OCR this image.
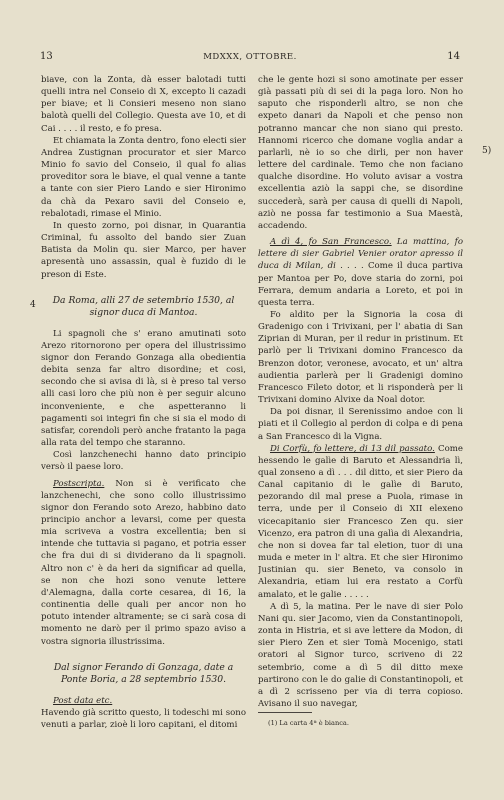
13	MDXXX, OTTOBRE.	14
4
5)

biave, con la Zonta, dà esser balotadi tutti quelli intra nel Conseio di X, excepto li cazadi per biave; et li Consieri meseno non siano balotà quelli del Collegio. Questa ave 10, et di Cai . . . . il resto, e fo presa.

Et chiamata la Zonta dentro, fono electi sier Andrea Zustignan procurator et sier Marco Minio fo savio del Conseio, il qual fo alias proveditor sora le biave, el qual venne a tante a tante con sier Piero Lando e sier Hironimo da chà da Pexaro savii del Conseio e, rebalotadi, rimase el Minio.

In questo zorno, poi disnar, in Quarantia Criminal, fu assolto del bando sier Zuan Batista da Molin qu. sier Marco, per haver apresentà uno assassin, qual è fuzido di le preson di Este.

Da Roma, alli 27 de setembrio 1530, al signor duca di Mantoa.

Li spagnoli che s' erano amutinati soto Arezo ritornorono per opera del illustrissimo signor don Ferando Gonzaga alla obedientia debita senza far altro disordine; et cosi, secondo che si avisa di là, si è preso tal verso alli casi loro che più non è per seguir alcuno inconveniente, e che aspetteranno li pagamenti soi integri fin che si sia el modo di satisfar, corendoli però anche fratanto la paga alla rata del tempo che staranno.

Così lanzchenechi hanno dato principio versò il paese loro.

Postscripta. Non si è verificato che lanzchenechi, che sono collo illustrissimo signor don Ferando soto Arezo, habbino dato principio anchor a levarsi, come per questa mia scriveva a vostra excellentia; ben si intende che tuttavia si pagano, et potria esser che fra dui di si dividerano da li spagnoli. Altro non c' è da heri da significar ad quella, se non che hozi sono venute lettere d'Alemagna, dalla corte cesarea, di 16, la continentia delle quali per ancor non ho potuto intender altramente; se ci sarà cosa di momento ne darò per il primo spazo aviso a vostra signoria illustrissima.

Dal signor Ferando di Gonzaga, date a Ponte Boria, a 28 septembrio 1530.

Post data etc.
Havendo già scritto questo, li todeschi mi sono venuti a parlar, zioè li loro capitani, el ditomi

che le gente hozi si sono amotinate per esser già passati più di sei di la paga loro. Non ho saputo che risponderli altro, se non che expeto danari da Napoli et che penso non potranno mancar che non siano qui presto. Hannomi ricerco che domane voglia andar a parlarli, nè io so che dirli, per non haver lettere del cardinale. Temo che non faciano qualche disordine. Ho voluto avisar a vostra excellentia aziò la sappi che, se disordine succederà, sarà per causa di quelli di Napoli, aziò ne possa far testimonio a Sua Maestà, accadendo.

A dì 4, fo San Francesco. La mattina, fo lettere di sier Gabriel Venier orator apresso il duca di Milan, di . . . . Come il duca partiva per Mantoa per Po, dove staria do zorni, poi Ferrara, demum andaria a Loreto, et poi in questa terra.

Fo aldito per la Signoria la cosa di Gradenigo con i Trivixani, per l' abatia di San Ziprian di Muran, per il redur in pristinum. Et parlò per li Trivixani domino Francesco da Brenzon dotor, veronese, avocato, et un' altra audientia parlerà per li Gradenigi domino Francesco Fileto dotor, et li risponderà per li Trivixani domino Alvixe da Noal dotor.

Da poi disnar, il Serenissimo andoe con li piati et il Collegio al perdon di colpa e di pena a San Francesco di la Vigna.

Di Corfù, fo lettere, di 13 dil passato. Come hessendo le galìe di Baruto et Alessandria lì, qual zonseno a dì . . . dil ditto, et sier Piero da Canal capitanio di le galìe di Baruto, pezorando dil mal prese a Puola, rimase in terra, unde per il Conseio di XII elexeno vicecapitanio sier Francesco Zen qu. sier Vicenzo, era patron di una galìa di Alexandria, che non si dovea far tal eletion, tuor di una muda e meter in l' altra. Et che sier Hironimo Justinian qu. sier Beneto, va consolo in Alexandria, etiam lui era restato a Corfù amalato, et le galie . . . . .

A dì 5, la matina. Per le nave di sier Polo Nani qu. sier Jacomo, vien da Constantinopoli, zonta in Histria, et si ave lettere da Modon, di sier Piero Zen et sier Tomà Mocenigo, stati oratori al Signor turco, scriveno di 22 setembrio, come a dì 5 dil ditto mexe partirono con le do galie di Constantinopoli, et a dì 2 scrisseno per via di terra copioso. Avisano il suo navegar,

(1) La carta 4ª è bianca.
